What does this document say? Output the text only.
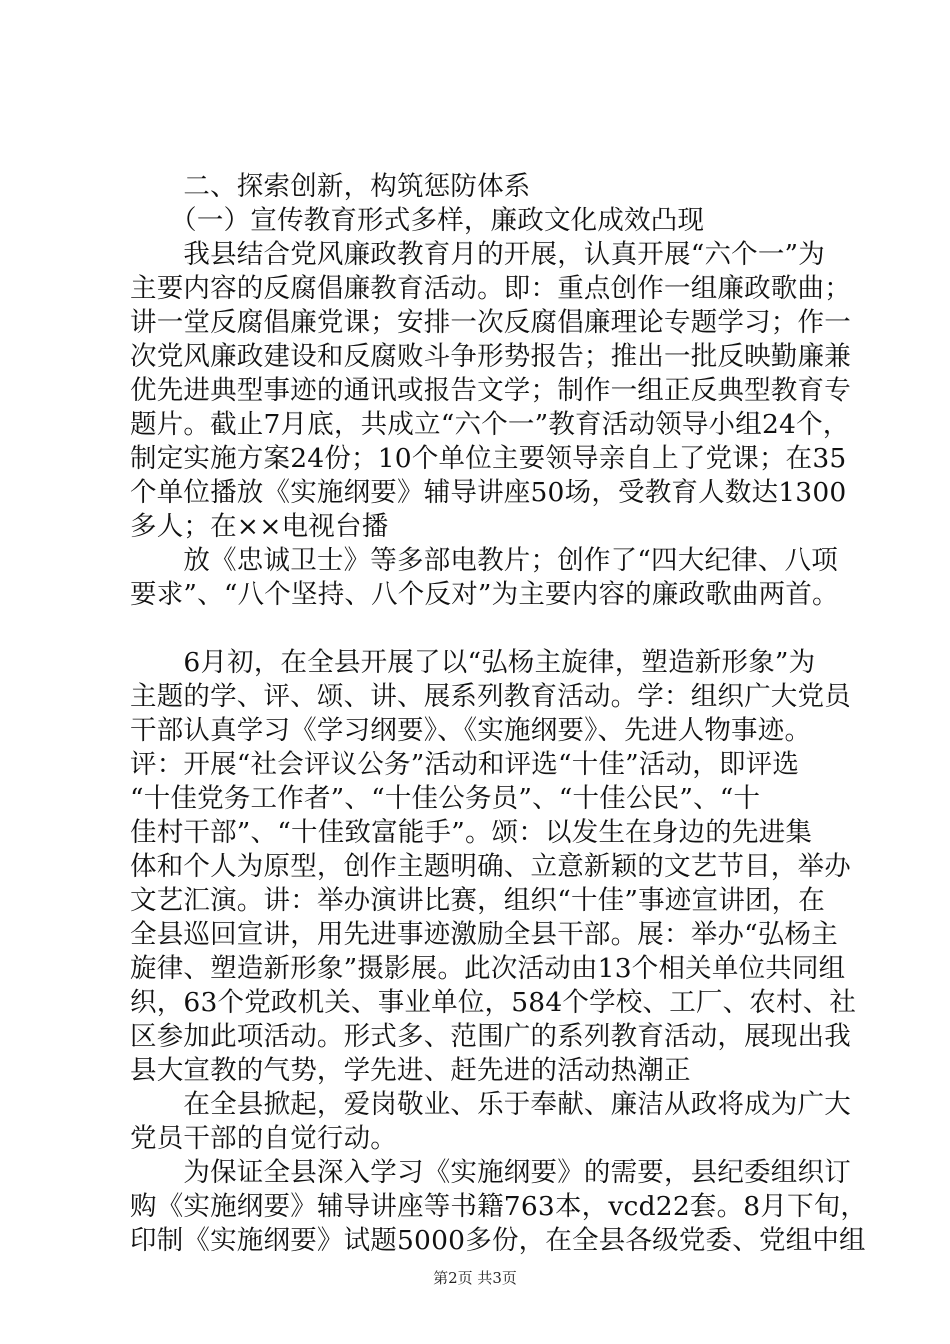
　　二、探索创新，构筑惩防体系
　　（一）宣传教育形式多样，廉政文化成效凸现
　　我县结合党风廉政教育月的开展，认真开展“六个一”为
主要内容的反腐倡廉教育活动。即：重点创作一组廉政歌曲；
讲一堂反腐倡廉党课；安排一次反腐倡廉理论专题学习；作一
次党风廉政建设和反腐败斗争形势报告；推出一批反映勤廉兼
优先进典型事迹的通讯或报告文学；制作一组正反典型教育专
题片。截止7月底，共成立“六个一”教育活动领导小组24个，
制定实施方案24份；10个单位主要领导亲自上了党课；在35
个单位播放《实施纲要》辅导讲座50场，受教育人数达1300
多人；在××电视台播
　　放《忠诚卫士》等多部电教片；创作了“四大纪律、八项
要求”、“八个坚持、八个反对”为主要内容的廉政歌曲两首。
　　6月初，在全县开展了以“弘杨主旋律，塑造新形象”为
主题的学、评、颂、讲、展系列教育活动。学：组织广大党员
干部认真学习《学习纲要》、《实施纲要》、先进人物事迹。
评：开展“社会评议公务”活动和评选“十佳”活动，即评选
“十佳党务工作者”、“十佳公务员”、“十佳公民”、“十
佳村干部”、“十佳致富能手”。颂：以发生在身边的先进集
体和个人为原型，创作主题明确、立意新颖的文艺节目，举办
文艺汇演。讲：举办演讲比赛，组织“十佳”事迹宣讲团，在
全县巡回宣讲，用先进事迹激励全县干部。展：举办“弘杨主
旋律、塑造新形象”摄影展。此次活动由13个相关单位共同组
织，63个党政机关、事业单位，584个学校、工厂、农村、社
区参加此项活动。形式多、范围广的系列教育活动，展现出我
县大宣教的气势，学先进、赶先进的活动热潮正
　　在全县掀起，爱岗敬业、乐于奉献、廉洁从政将成为广大
党员干部的自觉行动。
　　为保证全县深入学习《实施纲要》的需要，县纪委组织订
购《实施纲要》辅导讲座等书籍763本，vcd22套。8月下旬，
印制《实施纲要》试题5000多份，在全县各级党委、党组中组
第2页 共3页
